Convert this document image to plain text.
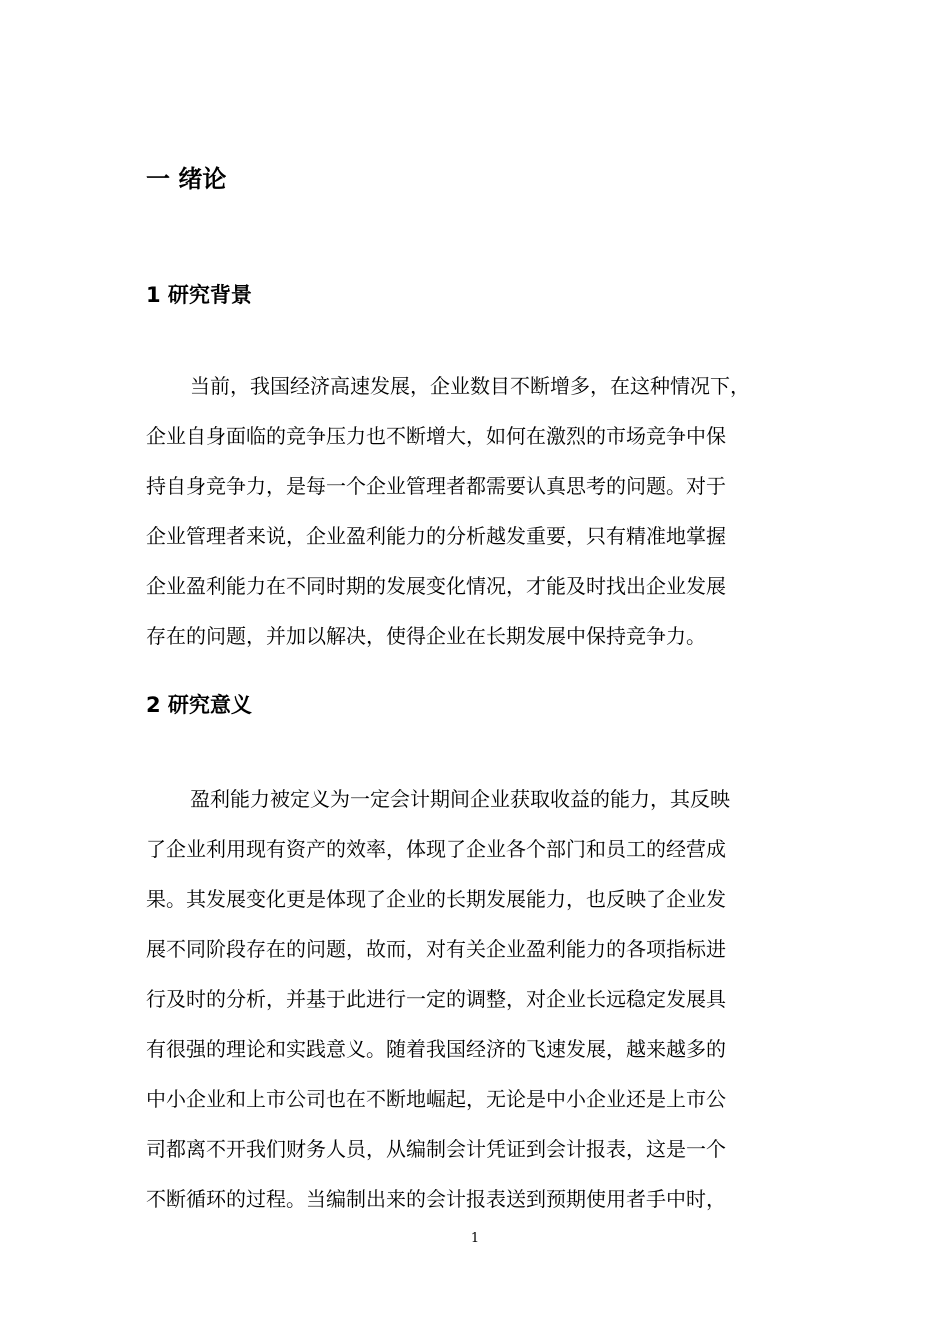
一 绪论
1 研究背景
当前，我国经济高速发展，企业数目不断增多，在这种情况下，
企业自身面临的竞争压力也不断增大，如何在激烈的市场竞争中保
持自身竞争力，是每一个企业管理者都需要认真思考的问题。对于
企业管理者来说，企业盈利能力的分析越发重要，只有精准地掌握
企业盈利能力在不同时期的发展变化情况，才能及时找出企业发展
存在的问题，并加以解决，使得企业在长期发展中保持竞争力。
2 研究意义
盈利能力被定义为一定会计期间企业获取收益的能力，其反映
了企业利用现有资产的效率，体现了企业各个部门和员工的经营成
果。其发展变化更是体现了企业的长期发展能力，也反映了企业发
展不同阶段存在的问题，故而，对有关企业盈利能力的各项指标进
行及时的分析，并基于此进行一定的调整，对企业长远稳定发展具
有很强的理论和实践意义。随着我国经济的飞速发展，越来越多的
中小企业和上市公司也在不断地崛起，无论是中小企业还是上市公
司都离不开我们财务人员，从编制会计凭证到会计报表，这是一个
不断循环的过程。当编制出来的会计报表送到预期使用者手中时，
1
